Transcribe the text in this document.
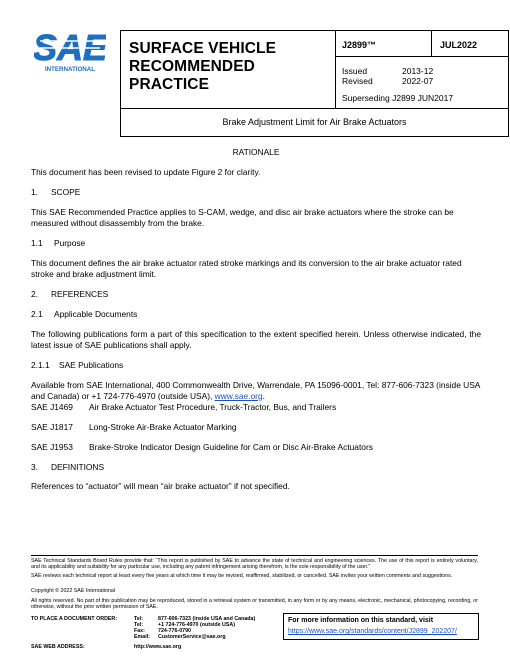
SAE
INTERNATIONAL
SURFACE VEHICLE
RECOMMENDED PRACTICE
J2899™	JUL2022
Issued	2013-12
Revised	2022-07
Superseding J2899 JUN2017
Brake Adjustment Limit for Air Brake Actuators
RATIONALE
This document has been revised to update Figure 2 for clarity.
1. SCOPE
This SAE Recommended Practice applies to S-CAM, wedge, and disc air brake actuators where the stroke can be measured without disassembly from the brake.
1.1 Purpose
This document defines the air brake actuator rated stroke markings and its conversion to the air brake actuator rated stroke and brake adjustment limit.
2. REFERENCES
2.1 Applicable Documents
The following publications form a part of this specification to the extent specified herein. Unless otherwise indicated, the latest issue of SAE publications shall apply.
2.1.1 SAE Publications
Available from SAE International, 400 Commonwealth Drive, Warrendale, PA 15096-0001, Tel: 877-606-7323 (inside USA and Canada) or +1 724-776-4970 (outside USA), www.sae.org.
SAE J1469 Air Brake Actuator Test Procedure, Truck-Tractor, Bus, and Trailers
SAE J1817 Long-Stroke Air-Brake Actuator Marking
SAE J1953 Brake-Stroke Indicator Design Guideline for Cam or Disc Air-Brake Actuators
3. DEFINITIONS
References to “actuator” will mean “air brake actuator” if not specified.
SAE Technical Standards Board Rules provide that: “This report is published by SAE to advance the state of technical and engineering sciences. The use of this report is entirely voluntary, and its applicability and suitability for any particular use, including any patent infringement arising therefrom, is the sole responsibility of the user.”
SAE reviews each technical report at least every five years at which time it may be revised, reaffirmed, stabilized, or cancelled. SAE invites your written comments and suggestions.
Copyright © 2022 SAE International
All rights reserved. No part of this publication may be reproduced, stored in a retrieval system or transmitted, in any form or by any means, electronic, mechanical, photocopying, recording, or otherwise, without the prior written permission of SAE.
TO PLACE A DOCUMENT ORDER:	Tel:	877-606-7323 (inside USA and Canada)
Tel:	+1 724-776-4970 (outside USA)
Fax: 724-776-0790
Email: CustomerService@sae.org
SAE WEB ADDRESS:	http://www.sae.org
For more information on this standard, visit
https://www.sae.org/standards/content/J2899_202207/
